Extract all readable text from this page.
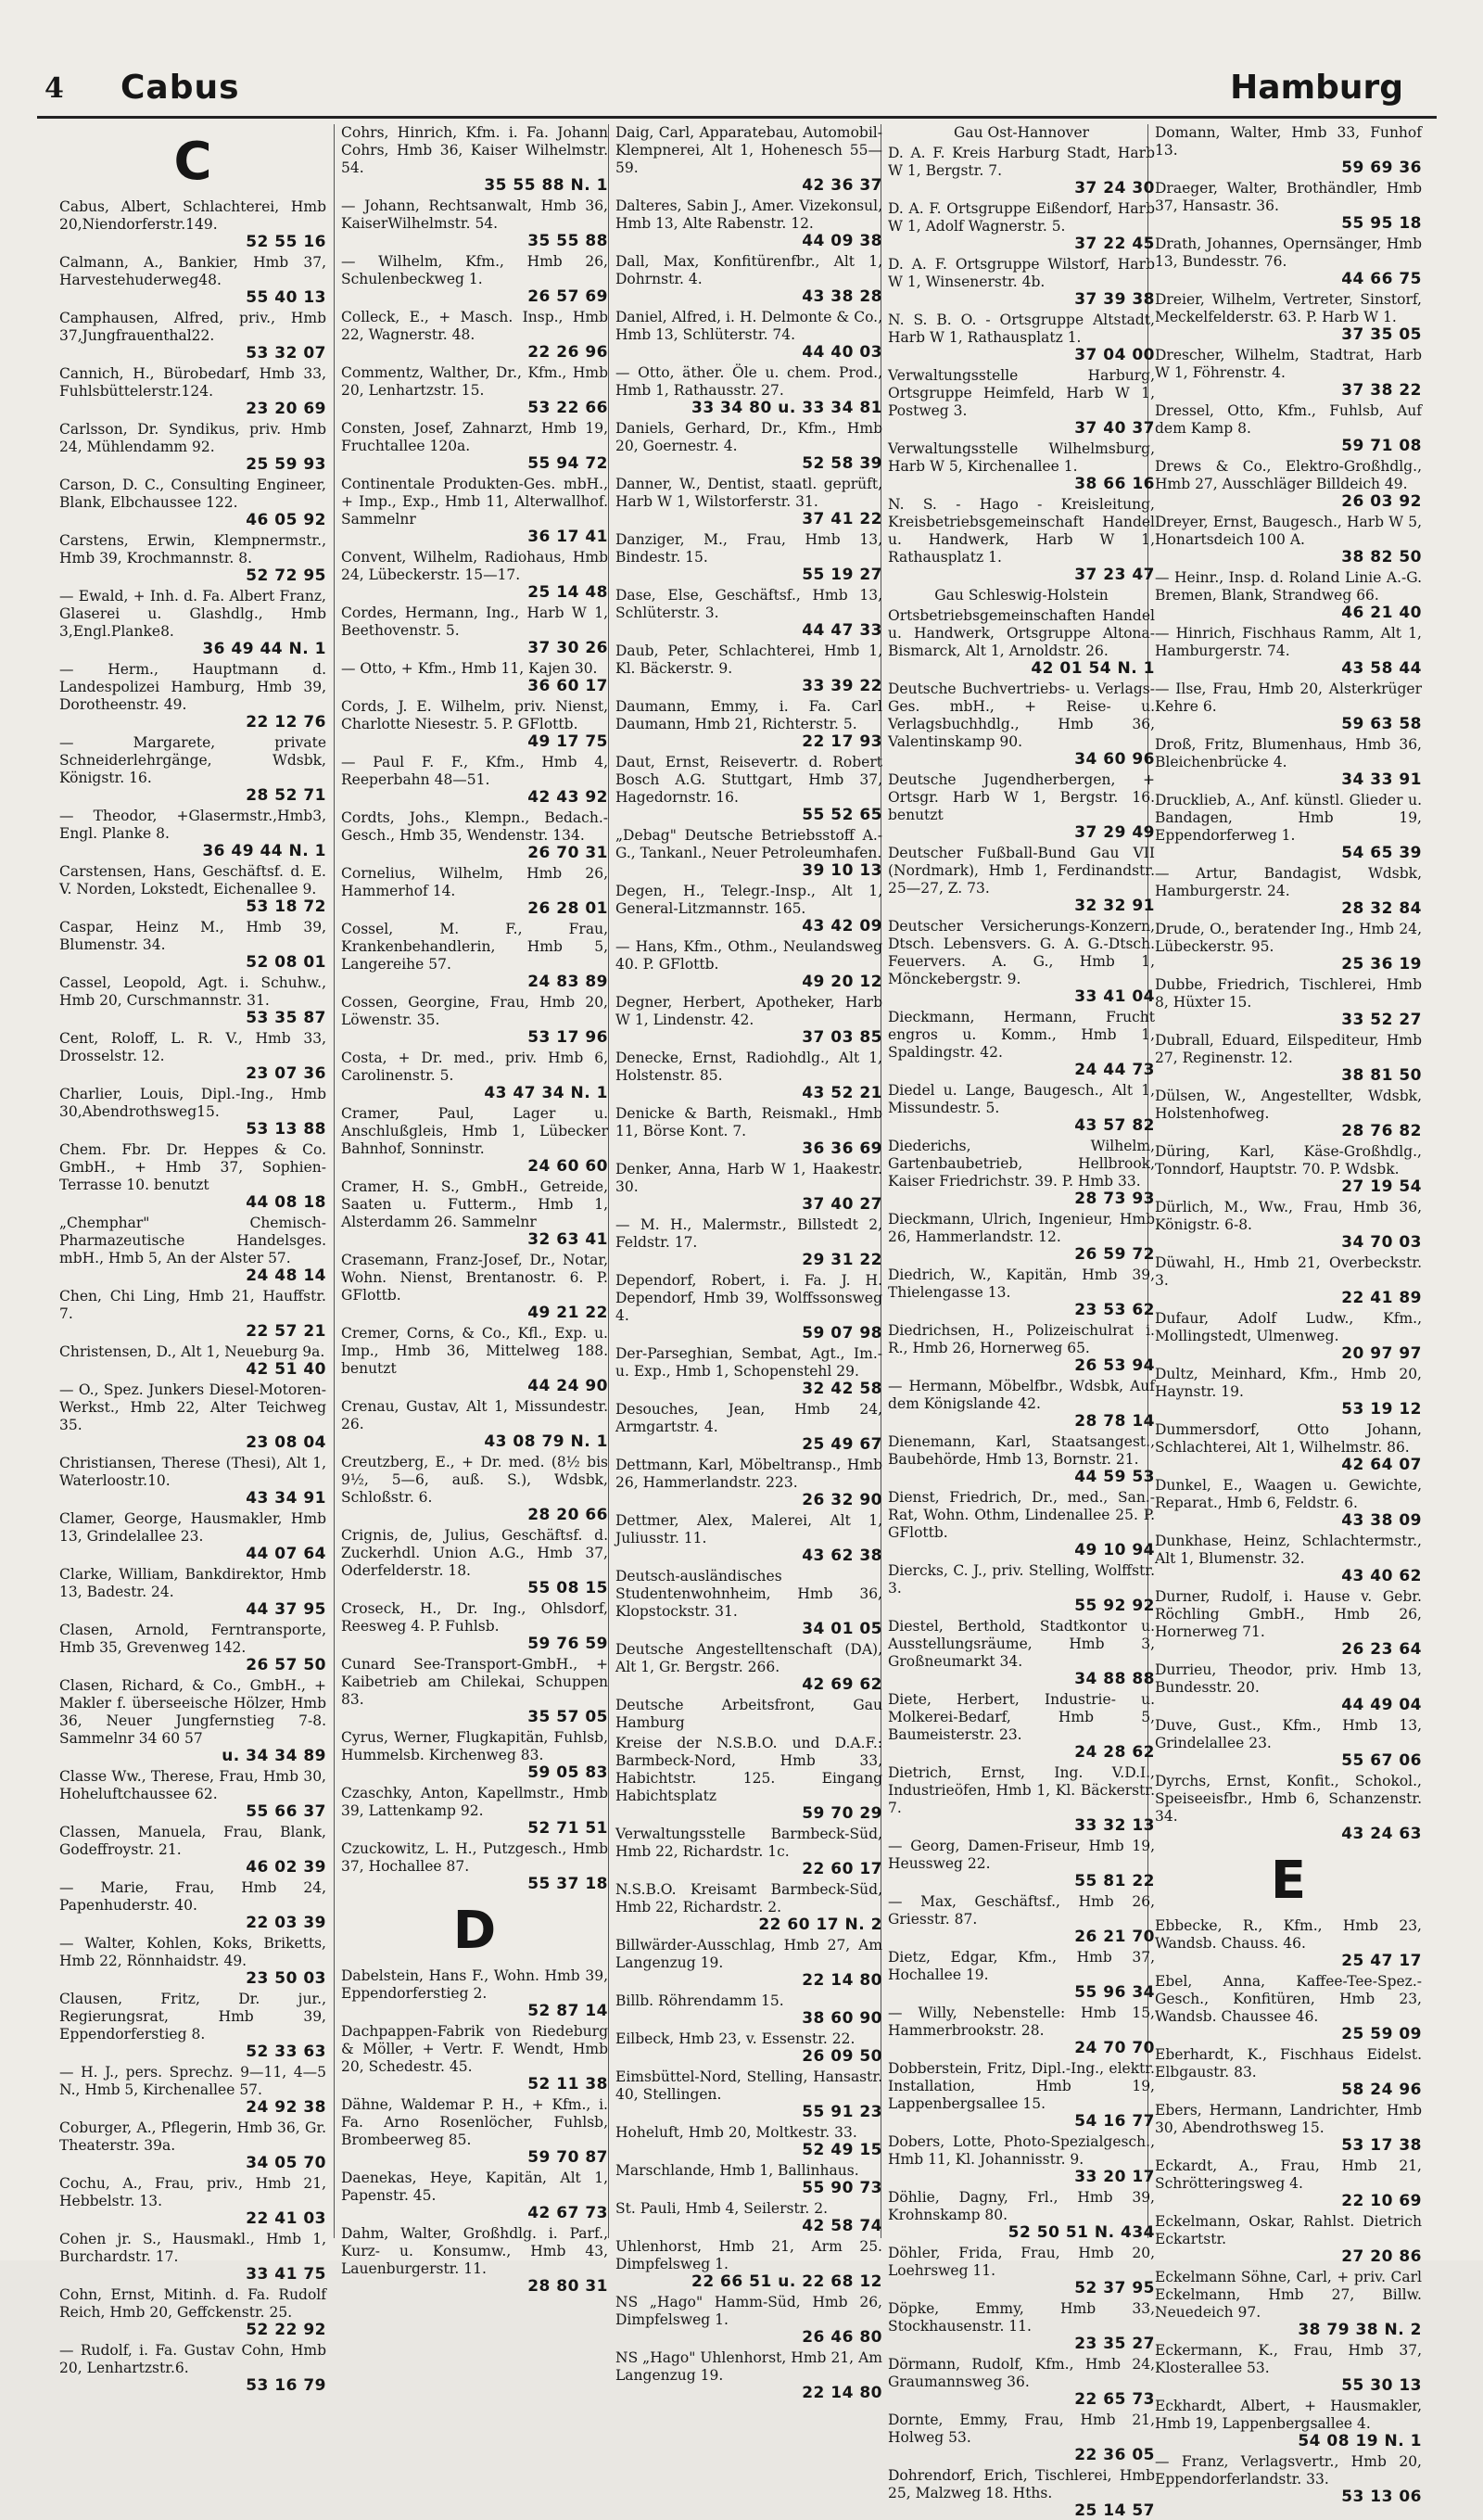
4 Cabus	Hamburg
C
Cabus, Albert, Schlachterei, Hmb 20,Niendorferstr.149.
52 55 16
Calmann, A., Bankier, Hmb 37, Harvestehuderweg48.
55 40 13
Camphausen, Alfred, priv., Hmb 37,Jungfrauenthal22.
53 32 07
Cannich, H., Bürobedarf, Hmb 33, Fuhlsbüttelerstr.124.
23 20 69
Carlsson, Dr. Syndikus, priv. Hmb 24, Mühlendamm 92.
25 59 93
Carson, D. C., Consulting Engineer, Blank, Elbchaussee 122.
46 05 92
Carstens, Erwin, Klempnermstr., Hmb 39, Krochmannstr. 8.
52 72 95
— Ewald, + Inh. d. Fa. Albert Franz, Glaserei u. Glashdlg., Hmb 3,Engl.Planke8.
36 49 44 N. 1
— Herm., Hauptmann d. Landespolizei Hamburg, Hmb 39, Dorotheenstr. 49.
22 12 76
— Margarete, private Schneiderlehrgänge, Wdsbk, Königstr. 16.
28 52 71
— Theodor, +Glasermstr.,Hmb3, Engl. Planke 8.
36 49 44 N. 1
Carstensen, Hans, Geschäftsf. d. E. V. Norden, Lokstedt, Eichenallee 9.
53 18 72
Caspar, Heinz M., Hmb 39, Blumenstr. 34.
52 08 01
Cassel, Leopold, Agt. i. Schuhw., Hmb 20, Curschmannstr. 31.
53 35 87
Cent, Roloff, L. R. V., Hmb 33, Drosselstr. 12.
23 07 36
Charlier, Louis, Dipl.-Ing., Hmb 30,Abendrothsweg15.
53 13 88
Chem. Fbr. Dr. Heppes & Co. GmbH., + Hmb 37, Sophien-Terrasse 10. benutzt
44 08 18
„Chemphar" Chemisch-Pharmazeutische Handelsges. mbH., Hmb 5, An der Alster 57.
24 48 14
Chen, Chi Ling, Hmb 21, Hauffstr. 7.
22 57 21
Christensen, D., Alt 1, Neueburg 9a.
42 51 40
— O., Spez. Junkers Diesel-Motoren-Werkst., Hmb 22, Alter Teichweg 35.
23 08 04
Christiansen, Therese (Thesi), Alt 1, Waterloostr.10.
43 34 91
Clamer, George, Hausmakler, Hmb 13, Grindelallee 23.
44 07 64
Clarke, William, Bankdirektor, Hmb 13, Badestr. 24.
44 37 95
Clasen, Arnold, Ferntransporte, Hmb 35, Grevenweg 142.
26 57 50
Clasen, Richard, & Co., GmbH., + Makler f. überseeische Hölzer, Hmb 36, Neuer Jungfernstieg 7-8. Sammelnr 34 60 57
u. 34 34 89
Classe Ww., Therese, Frau, Hmb 30, Hoheluftchaussee 62.
55 66 37
Classen, Manuela, Frau, Blank, Godeffroystr. 21.
46 02 39
— Marie, Frau, Hmb 24, Papenhuderstr. 40.
22 03 39
— Walter, Kohlen, Koks, Briketts, Hmb 22, Rönnhaidstr. 49.
23 50 03
Clausen, Fritz, Dr. jur., Regierungsrat, Hmb 39, Eppendorferstieg 8.
52 33 63
— H. J., pers. Sprechz. 9—11, 4—5 N., Hmb 5, Kirchenallee 57.
24 92 38
Coburger, A., Pflegerin, Hmb 36, Gr. Theaterstr. 39a.
34 05 70
Cochu, A., Frau, priv., Hmb 21, Hebbelstr. 13.
22 41 03
Cohen jr. S., Hausmakl., Hmb 1, Burchardstr. 17.
33 41 75
Cohn, Ernst, Mitinh. d. Fa. Rudolf Reich, Hmb 20, Geffckenstr. 25.
52 22 92
— Rudolf, i. Fa. Gustav Cohn, Hmb 20, Lenhartzstr.6.
53 16 79
Cohrs, Hinrich, Kfm. i. Fa. Johann Cohrs, Hmb 36, Kaiser Wilhelmstr. 54.
35 55 88 N. 1
— Johann, Rechtsanwalt, Hmb 36, KaiserWilhelmstr. 54.
35 55 88
— Wilhelm, Kfm., Hmb 26, Schulenbeckweg 1.
26 57 69
Colleck, E., + Masch. Insp., Hmb 22, Wagnerstr. 48.
22 26 96
Commentz, Walther, Dr., Kfm., Hmb 20, Lenhartzstr. 15.
53 22 66
Consten, Josef, Zahnarzt, Hmb 19, Fruchtallee 120a.
55 94 72
Continentale Produkten-Ges. mbH., + Imp., Exp., Hmb 11, Alterwallhof. Sammelnr
36 17 41
Convent, Wilhelm, Radiohaus, Hmb 24, Lübeckerstr. 15—17.
25 14 48
Cordes, Hermann, Ing., Harb W 1, Beethovenstr. 5.
37 30 26
— Otto, + Kfm., Hmb 11, Kajen 30.
36 60 17
Cords, J. E. Wilhelm, priv. Nienst, Charlotte Niesestr. 5. P. GFlottb.
49 17 75
— Paul F. F., Kfm., Hmb 4, Reeperbahn 48—51.
42 43 92
Cordts, Johs., Klempn., Bedach.-Gesch., Hmb 35, Wendenstr. 134.
26 70 31
Cornelius, Wilhelm, Hmb 26, Hammerhof 14.
26 28 01
Cossel, M. F., Frau, Krankenbehandlerin, Hmb 5, Langereihe 57.
24 83 89
Cossen, Georgine, Frau, Hmb 20, Löwenstr. 35.
53 17 96
Costa, + Dr. med., priv. Hmb 6, Carolinenstr. 5.
43 47 34 N. 1
Cramer, Paul, Lager u. Anschlußgleis, Hmb 1, Lübecker Bahnhof, Sonninstr.
24 60 60
Cramer, H. S., GmbH., Getreide, Saaten u. Futterm., Hmb 1, Alsterdamm 26. Sammelnr
32 63 41
Crasemann, Franz-Josef, Dr., Notar, Wohn. Nienst, Brentanostr. 6. P. GFlottb.
49 21 22
Cremer, Corns, & Co., Kfl., Exp. u. Imp., Hmb 36, Mittelweg 188. benutzt
44 24 90
Crenau, Gustav, Alt 1, Missundestr. 26.
43 08 79 N. 1
Creutzberg, E., + Dr. med. (8½ bis 9½, 5—6, auß. S.), Wdsbk, Schloßstr. 6.
28 20 66
Crignis, de, Julius, Geschäftsf. d. Zuckerhdl. Union A.G., Hmb 37, Oderfelderstr. 18.
55 08 15
Croseck, H., Dr. Ing., Ohlsdorf, Reesweg 4. P. Fuhlsb.
59 76 59
Cunard See-Transport-GmbH., + Kaibetrieb am Chilekai, Schuppen 83.
35 57 05
Cyrus, Werner, Flugkapitän, Fuhlsb, Hummelsb. Kirchenweg 83.
59 05 83
Czaschky, Anton, Kapellmstr., Hmb 39, Lattenkamp 92.
52 71 51
Czuckowitz, L. H., Putzgesch., Hmb 37, Hochallee 87.
55 37 18
D
Dabelstein, Hans F., Wohn. Hmb 39, Eppendorferstieg 2.
52 87 14
Dachpappen-Fabrik von Riedeburg & Möller, + Vertr. F. Wendt, Hmb 20, Schedestr. 45.
52 11 38
Dähne, Waldemar P. H., + Kfm., i. Fa. Arno Rosenlöcher, Fuhlsb, Brombeerweg 85.
59 70 87
Daenekas, Heye, Kapitän, Alt 1, Papenstr. 45.
42 67 73
Dahm, Walter, Großhdlg. i. Parf., Kurz- u. Konsumw., Hmb 43, Lauenburgerstr. 11.
28 80 31
Daig, Carl, Apparatebau, Automobil-Klempnerei, Alt 1, Hohenesch 55—59.
42 36 37
Dalteres, Sabin J., Amer. Vizekonsul, Hmb 13, Alte Rabenstr. 12.
44 09 38
Dall, Max, Konfitürenfbr., Alt 1, Dohrnstr. 4.
43 38 28
Daniel, Alfred, i. H. Delmonte & Co., Hmb 13, Schlüterstr. 74.
44 40 03
— Otto, äther. Öle u. chem. Prod., Hmb 1, Rathausstr. 27.
33 34 80 u. 33 34 81
Daniels, Gerhard, Dr., Kfm., Hmb 20, Goernestr. 4.
52 58 39
Danner, W., Dentist, staatl. geprüft, Harb W 1, Wilstorferstr. 31.
37 41 22
Danziger, M., Frau, Hmb 13, Bindestr. 15.
55 19 27
Dase, Else, Geschäftsf., Hmb 13, Schlüterstr. 3.
44 47 33
Daub, Peter, Schlachterei, Hmb 1, Kl. Bäckerstr. 9.
33 39 22
Daumann, Emmy, i. Fa. Carl Daumann, Hmb 21, Richterstr. 5.
22 17 93
Daut, Ernst, Reisevertr. d. Robert Bosch A.G. Stuttgart, Hmb 37, Hagedornstr. 16.
55 52 65
„Debag" Deutsche Betriebsstoff A.-G., Tankanl., Neuer Petroleumhafen.
39 10 13
Degen, H., Telegr.-Insp., Alt 1, General-Litzmannstr. 165.
43 42 09
— Hans, Kfm., Othm., Neulandsweg 40. P. GFlottb.
49 20 12
Degner, Herbert, Apotheker, Harb W 1, Lindenstr. 42.
37 03 85
Denecke, Ernst, Radiohdlg., Alt 1, Holstenstr. 85.
43 52 21
Denicke & Barth, Reismakl., Hmb 11, Börse Kont. 7.
36 36 69
Denker, Anna, Harb W 1, Haakestr. 30.
37 40 27
— M. H., Malermstr., Billstedt 2, Feldstr. 17.
29 31 22
Dependorf, Robert, i. Fa. J. H. Dependorf, Hmb 39, Wolffssonsweg 4.
59 07 98
Der-Parseghian, Sembat, Agt., Im.- u. Exp., Hmb 1, Schopenstehl 29.
32 42 58
Desouches, Jean, Hmb 24, Armgartstr. 4.
25 49 67
Dettmann, Karl, Möbeltransp., Hmb 26, Hammerlandstr. 223.
26 32 90
Dettmer, Alex, Malerei, Alt 1, Juliusstr. 11.
43 62 38
Deutsch-ausländisches Studentenwohnheim, Hmb 36, Klopstockstr. 31.
34 01 05
Deutsche Angestelltenschaft (DA), Alt 1, Gr. Bergstr. 266.
42 69 62
Deutsche Arbeitsfront, Gau Hamburg
Kreise der N.S.B.O. und D.A.F.: Barmbeck-Nord, Hmb 33, Habichtstr. 125. Eingang Habichtsplatz
59 70 29
Verwaltungsstelle Barmbeck-Süd, Hmb 22, Richardstr. 1c.
22 60 17
N.S.B.O. Kreisamt Barmbeck-Süd, Hmb 22, Richardstr. 2.
22 60 17 N. 2
Billwärder-Ausschlag, Hmb 27, Am Langenzug 19.
22 14 80
Billb. Röhrendamm 15.
38 60 90
Eilbeck, Hmb 23, v. Essenstr. 22.
26 09 50
Eimsbüttel-Nord, Stelling, Hansastr. 40, Stellingen.
55 91 23
Hoheluft, Hmb 20, Moltkestr. 33.
52 49 15
Marschlande, Hmb 1, Ballinhaus.
55 90 73
St. Pauli, Hmb 4, Seilerstr. 2.
42 58 74
Uhlenhorst, Hmb 21, Arm 25. Dimpfelsweg 1.
22 66 51 u. 22 68 12
NS „Hago" Hamm-Süd, Hmb 26, Dimpfelsweg 1.
26 46 80
NS „Hago" Uhlenhorst, Hmb 21, Am Langenzug 19.
22 14 80
Gau Ost-Hannover
D. A. F. Kreis Harburg Stadt, Harb W 1, Bergstr. 7.
37 24 30
D. A. F. Ortsgruppe Eißendorf, Harb W 1, Adolf Wagnerstr. 5.
37 22 45
D. A. F. Ortsgruppe Wilstorf, Harb W 1, Winsenerstr. 4b.
37 39 38
N. S. B. O. - Ortsgruppe Altstadt, Harb W 1, Rathausplatz 1.
37 04 00
Verwaltungsstelle Harburg, Ortsgruppe Heimfeld, Harb W 1, Postweg 3.
37 40 37
Verwaltungsstelle Wilhelmsburg, Harb W 5, Kirchenallee 1.
38 66 16
N. S. - Hago - Kreisleitung, Kreisbetriebsgemeinschaft Handel u. Handwerk, Harb W 1, Rathausplatz 1.
37 23 47
Gau Schleswig-Holstein
Ortsbetriebsgemeinschaften Handel u. Handwerk, Ortsgruppe Altona-Bismarck, Alt 1, Arnoldstr. 26.
42 01 54 N. 1
Deutsche Buchvertriebs- u. Verlags-Ges. mbH., + Reise- u. Verlagsbuchhdlg., Hmb 36, Valentinskamp 90.
34 60 96
Deutsche Jugendherbergen, + Ortsgr. Harb W 1, Bergstr. 16. benutzt
37 29 49
Deutscher Fußball-Bund Gau VII (Nordmark), Hmb 1, Ferdinandstr. 25—27, Z. 73.
32 32 91
Deutscher Versicherungs-Konzern, Dtsch. Lebensvers. G. A. G.-Dtsch. Feuervers. A. G., Hmb 1, Mönckebergstr. 9.
33 41 04
Dieckmann, Hermann, Frucht engros u. Komm., Hmb 1, Spaldingstr. 42.
24 44 73
Diedel u. Lange, Baugesch., Alt 1, Missundestr. 5.
43 57 82
Diederichs, Wilhelm, Gartenbaubetrieb, Hellbrook, Kaiser Friedrichstr. 39. P. Hmb 33.
28 73 93
Dieckmann, Ulrich, Ingenieur, Hmb 26, Hammerlandstr. 12.
26 59 72
Diedrich, W., Kapitän, Hmb 39, Thielengasse 13.
23 53 62
Diedrichsen, H., Polizeischulrat i. R., Hmb 26, Hornerweg 65.
26 53 94
— Hermann, Möbelfbr., Wdsbk, Auf dem Königslande 42.
28 78 14
Dienemann, Karl, Staatsangest., Baubehörde, Hmb 13, Bornstr. 21.
44 59 53
Dienst, Friedrich, Dr., med., San.-Rat, Wohn. Othm, Lindenallee 25. P. GFlottb.
49 10 94
Diercks, C. J., priv. Stelling, Wolffstr. 3.
55 92 92
Diestel, Berthold, Stadtkontor u. Ausstellungsräume, Hmb 3, Großneumarkt 34.
34 88 88
Diete, Herbert, Industrie- u. Molkerei-Bedarf, Hmb 5, Baumeisterstr. 23.
24 28 62
Dietrich, Ernst, Ing. V.D.I., Industrieöfen, Hmb 1, Kl. Bäckerstr. 7.
33 32 13
— Georg, Damen-Friseur, Hmb 19, Heussweg 22.
55 81 22
— Max, Geschäftsf., Hmb 26, Griesstr. 87.
26 21 70
Dietz, Edgar, Kfm., Hmb 37, Hochallee 19.
55 96 34
— Willy, Nebenstelle: Hmb 15, Hammerbrookstr. 28.
24 70 70
Dobberstein, Fritz, Dipl.-Ing., elektr. Installation, Hmb 19, Lappenbergsallee 15.
54 16 77
Dobers, Lotte, Photo-Spezialgesch., Hmb 11, Kl. Johannisstr. 9.
33 20 17
Döhlie, Dagny, Frl., Hmb 39, Krohnskamp 80.
52 50 51 N. 434
Döhler, Frida, Frau, Hmb 20, Loehrsweg 11.
52 37 95
Döpke, Emmy, Hmb 33, Stockhausenstr. 11.
23 35 27
Dörmann, Rudolf, Kfm., Hmb 24, Graumannsweg 36.
22 65 73
Dornte, Emmy, Frau, Hmb 21, Holweg 53.
22 36 05
Dohrendorf, Erich, Tischlerei, Hmb 25, Malzweg 18. Hths.
25 14 57
Domann, Walter, Hmb 33, Funhof 13.
59 69 36
Draeger, Walter, Brothändler, Hmb 37, Hansastr. 36.
55 95 18
Drath, Johannes, Opernsänger, Hmb 13, Bundesstr. 76.
44 66 75
Dreier, Wilhelm, Vertreter, Sinstorf, Meckelfelderstr. 63. P. Harb W 1.
37 35 05
Drescher, Wilhelm, Stadtrat, Harb W 1, Föhrenstr. 4.
37 38 22
Dressel, Otto, Kfm., Fuhlsb, Auf dem Kamp 8.
59 71 08
Drews & Co., Elektro-Großhdlg., Hmb 27, Ausschläger Billdeich 49.
26 03 92
Dreyer, Ernst, Baugesch., Harb W 5, Honartsdeich 100 A.
38 82 50
— Heinr., Insp. d. Roland Linie A.-G. Bremen, Blank, Strandweg 66.
46 21 40
— Hinrich, Fischhaus Ramm, Alt 1, Hamburgerstr. 74.
43 58 44
— Ilse, Frau, Hmb 20, Alsterkrüger Kehre 6.
59 63 58
Droß, Fritz, Blumenhaus, Hmb 36, Bleichenbrücke 4.
34 33 91
Drucklieb, A., Anf. künstl. Glieder u. Bandagen, Hmb 19, Eppendorferweg 1.
54 65 39
— Artur, Bandagist, Wdsbk, Hamburgerstr. 24.
28 32 84
Drude, O., beratender Ing., Hmb 24, Lübeckerstr. 95.
25 36 19
Dubbe, Friedrich, Tischlerei, Hmb 8, Hüxter 15.
33 52 27
Dubrall, Eduard, Eilspediteur, Hmb 27, Reginenstr. 12.
38 81 50
Dülsen, W., Angestellter, Wdsbk, Holstenhofweg.
28 76 82
Düring, Karl, Käse-Großhdlg., Tonndorf, Hauptstr. 70. P. Wdsbk.
27 19 54
Dürlich, M., Ww., Frau, Hmb 36, Königstr. 6-8.
34 70 03
Düwahl, H., Hmb 21, Overbeckstr. 3.
22 41 89
Dufaur, Adolf Ludw., Kfm., Mollingstedt, Ulmenweg.
20 97 97
Dultz, Meinhard, Kfm., Hmb 20, Haynstr. 19.
53 19 12
Dummersdorf, Otto Johann, Schlachterei, Alt 1, Wilhelmstr. 86.
42 64 07
Dunkel, E., Waagen u. Gewichte, Reparat., Hmb 6, Feldstr. 6.
43 38 09
Dunkhase, Heinz, Schlachtermstr., Alt 1, Blumenstr. 32.
43 40 62
Durner, Rudolf, i. Hause v. Gebr. Röchling GmbH., Hmb 26, Hornerweg 71.
26 23 64
Durrieu, Theodor, priv. Hmb 13, Bundesstr. 20.
44 49 04
Duve, Gust., Kfm., Hmb 13, Grindelallee 23.
55 67 06
Dyrchs, Ernst, Konfit., Schokol., Speiseeisfbr., Hmb 6, Schanzenstr. 34.
43 24 63
E
Ebbecke, R., Kfm., Hmb 23, Wandsb. Chauss. 46.
25 47 17
Ebel, Anna, Kaffee-Tee-Spez.-Gesch., Konfitüren, Hmb 23, Wandsb. Chaussee 46.
25 59 09
Eberhardt, K., Fischhaus Eidelst. Elbgaustr. 83.
58 24 96
Ebers, Hermann, Landrichter, Hmb 30, Abendrothsweg 15.
53 17 38
Eckardt, A., Frau, Hmb 21, Schrötteringsweg 4.
22 10 69
Eckelmann, Oskar, Rahlst. Dietrich Eckartstr.
27 20 86
Eckelmann Söhne, Carl, + priv. Carl Eckelmann, Hmb 27, Billw. Neuedeich 97.
38 79 38 N. 2
Eckermann, K., Frau, Hmb 37, Klosterallee 53.
55 30 13
Eckhardt, Albert, + Hausmakler, Hmb 19, Lappenbergsallee 4.
54 08 19 N. 1
— Franz, Verlagsvertr., Hmb 20, Eppendorferlandstr. 33.
53 13 06
